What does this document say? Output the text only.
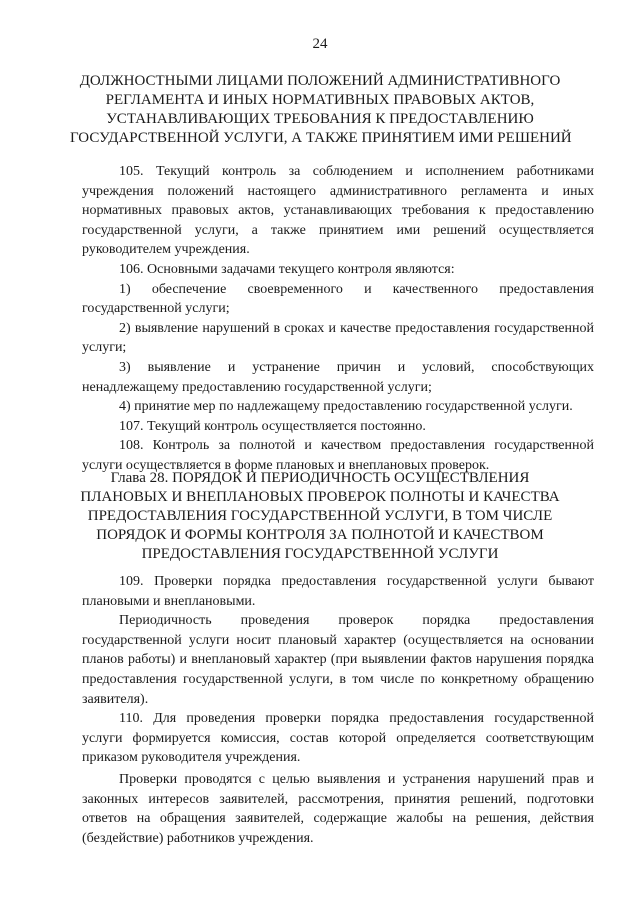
24
ДОЛЖНОСТНЫМИ ЛИЦАМИ ПОЛОЖЕНИЙ АДМИНИСТРАТИВНОГО
РЕГЛАМЕНТА И ИНЫХ НОРМАТИВНЫХ ПРАВОВЫХ АКТОВ,
УСТАНАВЛИВАЮЩИХ ТРЕБОВАНИЯ К ПРЕДОСТАВЛЕНИЮ
ГОСУДАРСТВЕННОЙ УСЛУГИ, А ТАКЖЕ ПРИНЯТИЕМ ИМИ РЕШЕНИЙ

105. Текущий контроль за соблюдением и исполнением работниками учреждения положений настоящего административного регламента и иных нормативных правовых актов, устанавливающих требования к предоставлению государственной услуги, а также принятием ими решений осуществляется руководителем учреждения.

106. Основными задачами текущего контроля являются:

1) обеспечение своевременного и качественного предоставления государственной услуги;

2) выявление нарушений в сроках и качестве предоставления государственной услуги;

3) выявление и устранение причин и условий, способствующих ненадлежащему предоставлению государственной услуги;

4) принятие мер по надлежащему предоставлению государственной услуги.

107. Текущий контроль осуществляется постоянно.

108. Контроль за полнотой и качеством предоставления государственной услуги осуществляется в форме плановых и внеплановых проверок.

Глава 28. ПОРЯДОК И ПЕРИОДИЧНОСТЬ ОСУЩЕСТВЛЕНИЯ
ПЛАНОВЫХ И ВНЕПЛАНОВЫХ ПРОВЕРОК ПОЛНОТЫ И КАЧЕСТВА
ПРЕДОСТАВЛЕНИЯ ГОСУДАРСТВЕННОЙ УСЛУГИ, В ТОМ ЧИСЛЕ
ПОРЯДОК И ФОРМЫ КОНТРОЛЯ ЗА ПОЛНОТОЙ И КАЧЕСТВОМ
ПРЕДОСТАВЛЕНИЯ ГОСУДАРСТВЕННОЙ УСЛУГИ

109. Проверки порядка предоставления государственной услуги бывают плановыми и внеплановыми.

Периодичность проведения проверок порядка предоставления государственной услуги носит плановый характер (осуществляется на основании планов работы) и внеплановый характер (при выявлении фактов нарушения порядка предоставления государственной услуги, в том числе по конкретному обращению заявителя).

110. Для проведения проверки порядка предоставления государственной услуги формируется комиссия, состав которой определяется соответствующим приказом руководителя учреждения.

Проверки проводятся с целью выявления и устранения нарушений прав и законных интересов заявителей, рассмотрения, принятия решений, подготовки ответов на обращения заявителей, содержащие жалобы на решения, действия (бездействие) работников учреждения.
